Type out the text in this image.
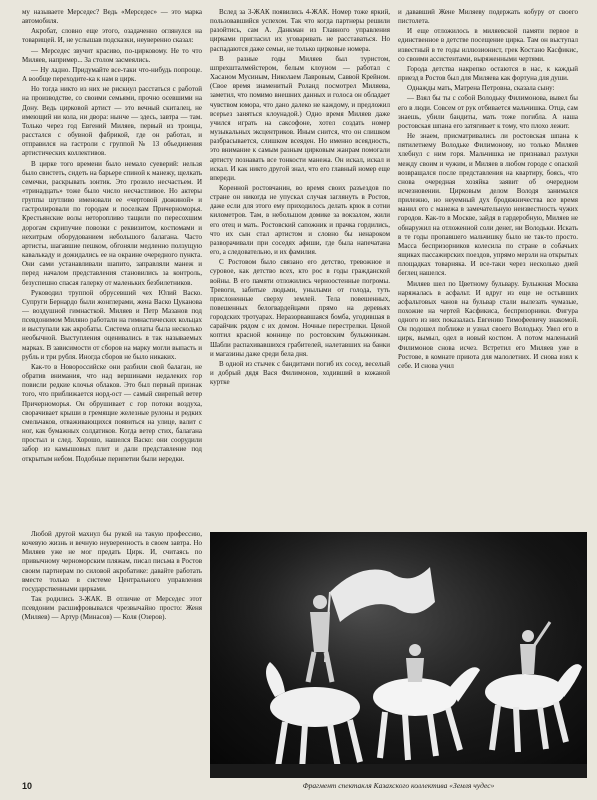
му называете Мерседес? Ведь «Мерседес» — это марка автомобиля.

Акробат, словно еще этого, озадаченно оглянулся на товарищей. И, не услышав подсказки, неуверенно сказал:

— Мерседес звучит красиво, по-цирковому. Не то что Миляев, например... За столом засмеялись.

— Ну ладно. Придумайте все-таки что-нибудь попроще. А вообще переходите-ка к нам в цирк.

Но тогда никто из них не рискнул расстаться с работой на производстве, со своими семьями, прочно осевшими на Дону. Ведь цирковой артист — это вечный скиталец, не имеющий ни кола, ни двора: нынче — здесь, завтра — там. Только через год Евгений Миляев, первый из троицы, расстался с обувной фабрикой, где он работал, и отправился на гастроли с группой № 13 объединения артистических коллективов.

В цирке того времени было немало суеверий: нельзя было свистеть, сидеть на барьере спиной к манежу, щелкать семечки, раскрывать зонтик. Это грозило несчастьем. И «тринадцать» тоже было число несчастливое. Но актеры группы шутливо именовали ее «чертовой дюжиной» и гастролировали по городам и поселкам Причерноморья. Крестьянские волы неторопливо тащили по пересохшим дорогам скрипучие повозки с реквизитом, костюмами и нехитрым оборудованием небольшого балагана. Часто артисты, шагавшие пешком, обгоняли медленно ползущую кавалькаду и дожидались ее на окраине очередного пункта. Они сами устанавливали шапито, заправляли манеж и перед началом представления становились за контроль, безуспешно спасая галерку от маленьких безбилетников.

Руководил труппой обрусевший чех Юлий Васко. Супруги Бернардо были жонглерами, жена Васко Цуканова — воздушной гимнасткой. Миляев и Петр Мазанов под псевдонимом Миляно работали на гимнастических кольцах и выступали как акробаты. Система оплаты была несколько необычной. Выступления оценивались в так называемых марках. В зависимости от сборов на марку могли выпасть и рубль и три рубля. Иногда сборов не было никаких.

Как-то в Новороссийске они разбили свой балаган, не обратив внимания, что над вершинами недалеких гор повисли редкие клочья облаков. Это был первый признак того, что приближается норд-ост — самый свирепый ветер Причерноморья. Он обрушивает с гор потоки воздуха, сворачивает крыши в гремящие железные рулоны и редких смельчаков, отваживающихся появиться на улице, валит с ног, как бумажных солдатиков. Когда ветер стих, балагана простыл и след. Хорошо, нашелся Васко: они соорудили забор из камышовых плит и дали представление под открытым небом. Подобные перипетии были нередки.

Вслед за 3-ЖАК появились 4-ЖАК. Номер тоже яркий, пользовавшийся успехом. Так что когда партнеры решили разойтись, сам А. Данкман из Главного управления цирками пригласил их уговаривать не расставаться. Но распадаются даже семьи, не только цирковые номера.

В разные годы Миляев был туристом, шпрехшталмейстером, белым клоуном — работал с Хасаном Мусиным, Николаем Лавровым, Саввой Крейном. (Свое время знаменитый Роланд посмотрел Миляева, заметил, что помимо внешних данных и голоса он обладает чувством юмора, что дано далеко не каждому, и предложил всерьез заняться клоунадой.) Одно время Миляев даже учился играть на саксофоне, хотел создать номер музыкальных эксцентриков. Иным снится, что он слишком разбрасывается, слишком всеяден. Но именно всеядность, это внимание к самым разным цирковым жанрам помогали артисту познавать все тонкости манежа. Он искал, искал и искал. И как никто другой знал, что его главный номер еще впереди.

Коренной ростовчанин, во время своих разъездов по стране он никогда не упускал случая заглянуть в Ростов, даже если для этого ему приходилось делать крюк в сотни километров. Там, в небольшом домике за вокзалом, жили его отец и мать. Ростовский сапожник и прачка гордились, что их сын стал артистом и словно бы ненароком разворачивали при соседях афиши, где была напечатана его, а следовательно, и их фамилия.

С Ростовом было связано его детство, тревожное и суровое, как детство всех, кто рос в годы гражданской войны. В его памяти отложились черноостенные погромы. Тревоги, забитые людьми, унылыми от голода, туть прислоненные сверху землей. Тела повешенных, повешенных белогвардейцами прямо на деревьях городских тротуарах. Неразорвавшаяся бомба, угодившая в сарайчик рядом с их домом. Ночные перестрелки. Ценой коптил красной коннице по ростовским булыжникам. Шабли распахивавшихся грабителей, налетавших на банки и магазины даже среди бела дня.

В одной из стычек с бандитами погиб их сосед, веселый и добрый дядя Вася Филимонов, ходивший в кожаной куртке

и дававший Жене Миляеву подержать кобуру от своего пистолета.

И еще отложилось в миляевской памяти первое в единственное в детстве посещение цирка. Там он выступал известный в те годы иллюзионист, грек Костано Касфикис, со своими ассистентами, выряженными чертями.

Города детства накрепко остаются в нас, к каждый приезд в Ростов был для Миляева как фортуна для души.

Однажды мать, Матрена Петровна, сказала сыну:

— Взял бы ты с собой Володьку Филимонова, вывел бы его в люди. Совсем от рук отбивается мальчишка. Отца, сам знаешь, убили бандиты, мать тоже погибла. А наша ростовская шпана его затягивает к тому, что плохо лежит.

Не знаем, присматривались ли ростовская шпана к пятилетнему Володьке Филимонову, но только Миляев хлебнул с ним горя. Мальчишка не признавал разлуки между своим и чужим, и Миляев в любом городе с опаской возвращался после представления на квартиру, боясь, что снова очередная хозяйка заявит об очередном исчезновении. Цирковым делом Володя занимался прилежно, но неуемный дух бродяжничества все время манил его с манежа в замечательную неизвестность чужих городов. Как-то в Москве, зайдя в гардеробную, Миляев не обнаружил на отложенной соли денег, ни Володьки. Искать в те годы пропавшего мальчишку было не так-то просто. Масса беспризорников колесила по стране в собачьих ящиках пассажирских поездов, упрямо мерзли на открытых площадках товарняка. И все-таки через несколько дней беглец нашелся.

Миляев шел по Цветному бульвару. Булыжная Москва наряжалась в асфальт. И вдруг из еще не остывших асфальтовых чанов на бульвар стали вылезать чумазые, похожие на чертей Касфикиса, беспризорники. Фигура одного из них показалась Евгению Тимофеевичу знакомой. Он подошел поближе и узнал своего Володьку. Увел его в цирк, вымыл, одел в новый костюм. А потом маленький Филимонов снова исчез. Встретил его Миляев уже в Ростове, в комнате приюта для малолетних. И снова взял к себе. И снова учил

Любой другой махнул бы рукой на такую профессию, кочевую жизнь и вечную неуверенность в своем завтра. Но Миляев уже не мог предать Цирк. И, считаясь по привычному черноморским пляжам, писал письма в Ростов своим партнерам по силовой акробатике: давайте работать вместе только в системе Центрального управления государственными цирками.

Так родились 3-ЖАК. В отличие от Мерседес этот псевдоним расшифровывался чрезвычайно просто: Женя (Миляев) — Артур (Минасов) — Коля (Озеров).

Фрагмент спектакля Казахского коллектива «Земля чудес»
10
